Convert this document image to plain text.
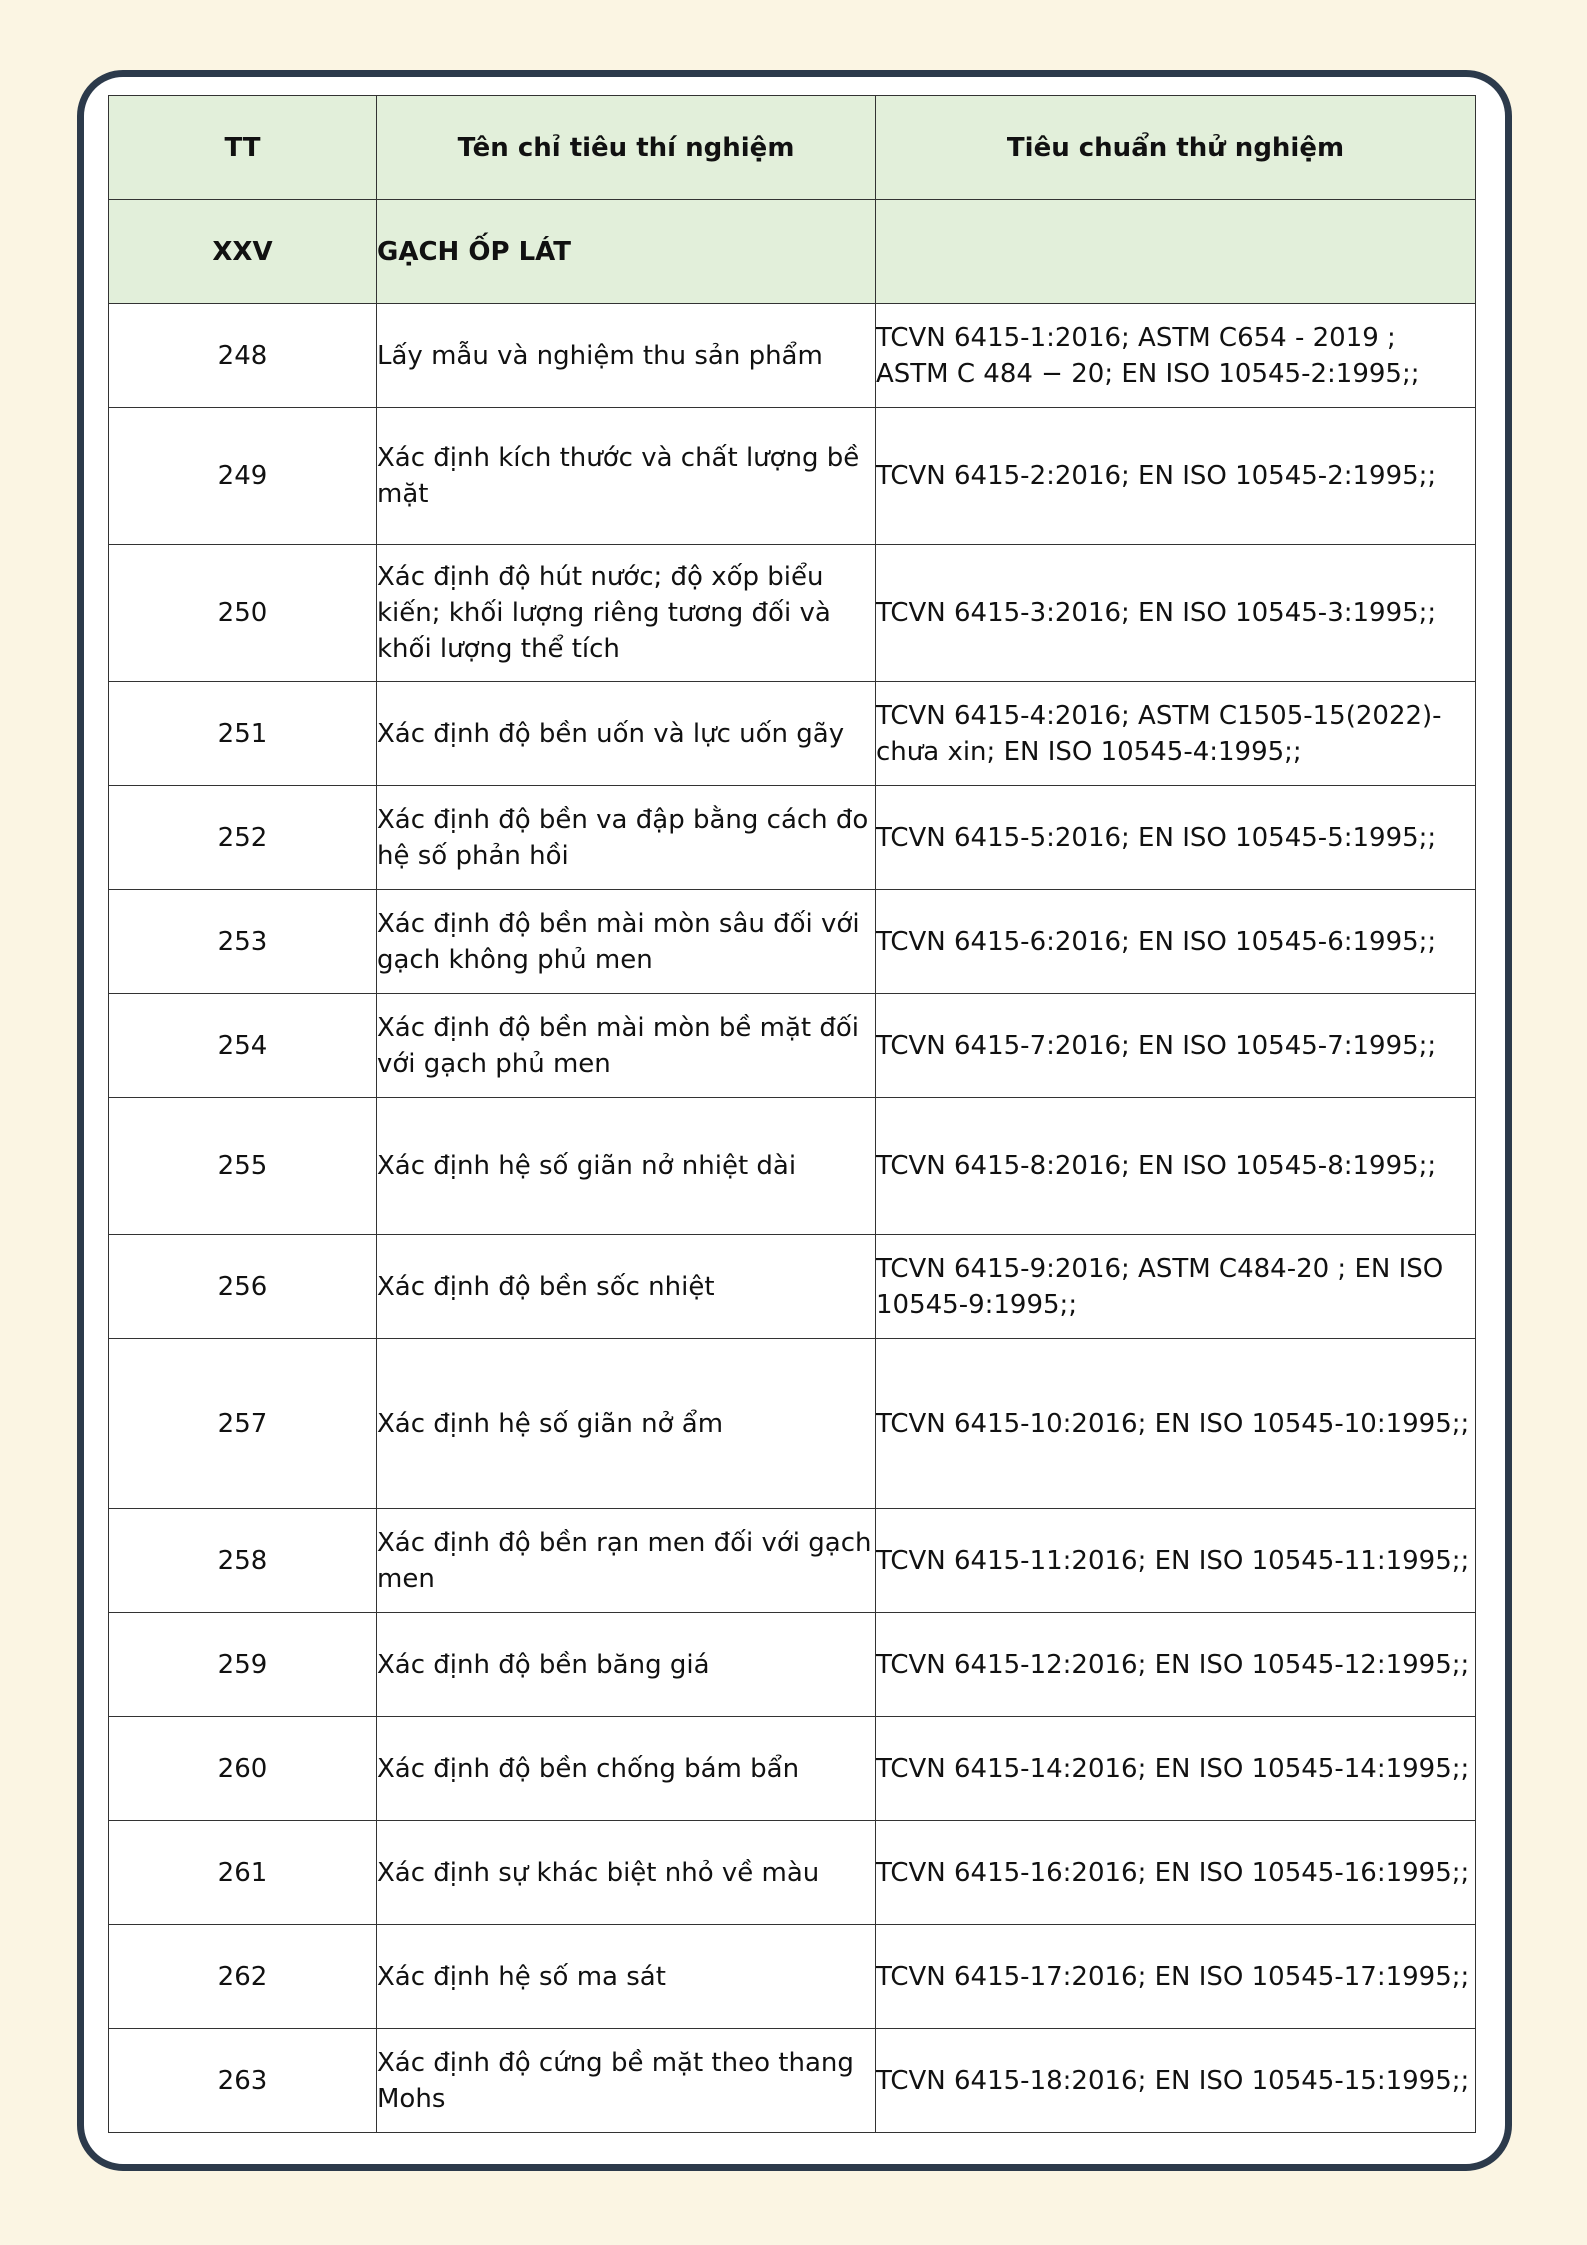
TT	Tên chỉ tiêu thí nghiệm	Tiêu chuẩn thử nghiệm
XXV	GẠCH ỐP LÁT	
248	Lấy mẫu và nghiệm thu sản phẩm	TCVN 6415-1:2016; ASTM C654 - 2019 ; ASTM C 484 − 20; EN ISO 10545-2:1995;;
249	Xác định kích thước và chất lượng bề mặt	TCVN 6415-2:2016; EN ISO 10545-2:1995;;
250	Xác định độ hút nước; độ xốp biểu kiến; khối lượng riêng tương đối và khối lượng thể tích	TCVN 6415-3:2016; EN ISO 10545-3:1995;;
251	Xác định độ bền uốn và lực uốn gãy	TCVN 6415-4:2016; ASTM C1505-15(2022)- chưa xin; EN ISO 10545-4:1995;;
252	Xác định độ bền va đập bằng cách đo hệ số phản hồi	TCVN 6415-5:2016; EN ISO 10545-5:1995;;
253	Xác định độ bền mài mòn sâu đối với gạch không phủ men	TCVN 6415-6:2016; EN ISO 10545-6:1995;;
254	Xác định độ bền mài mòn bề mặt đối với gạch phủ men	TCVN 6415-7:2016; EN ISO 10545-7:1995;;
255	Xác định hệ số giãn nở nhiệt dài	TCVN 6415-8:2016; EN ISO 10545-8:1995;;
256	Xác định độ bền sốc nhiệt	TCVN 6415-9:2016; ASTM C484-20 ; EN ISO 10545-9:1995;;
257	Xác định hệ số giãn nở ẩm	TCVN 6415-10:2016; EN ISO 10545-10:1995;;
258	Xác định độ bền rạn men đối với gạch men	TCVN 6415-11:2016; EN ISO 10545-11:1995;;
259	Xác định độ bền băng giá	TCVN 6415-12:2016; EN ISO 10545-12:1995;;
260	Xác định độ bền chống bám bẩn	TCVN 6415-14:2016; EN ISO 10545-14:1995;;
261	Xác định sự khác biệt nhỏ về màu	TCVN 6415-16:2016; EN ISO 10545-16:1995;;
262	Xác định hệ số ma sát	TCVN 6415-17:2016; EN ISO 10545-17:1995;;
263	Xác định độ cứng bề mặt theo thang Mohs	TCVN 6415-18:2016; EN ISO 10545-15:1995;;
